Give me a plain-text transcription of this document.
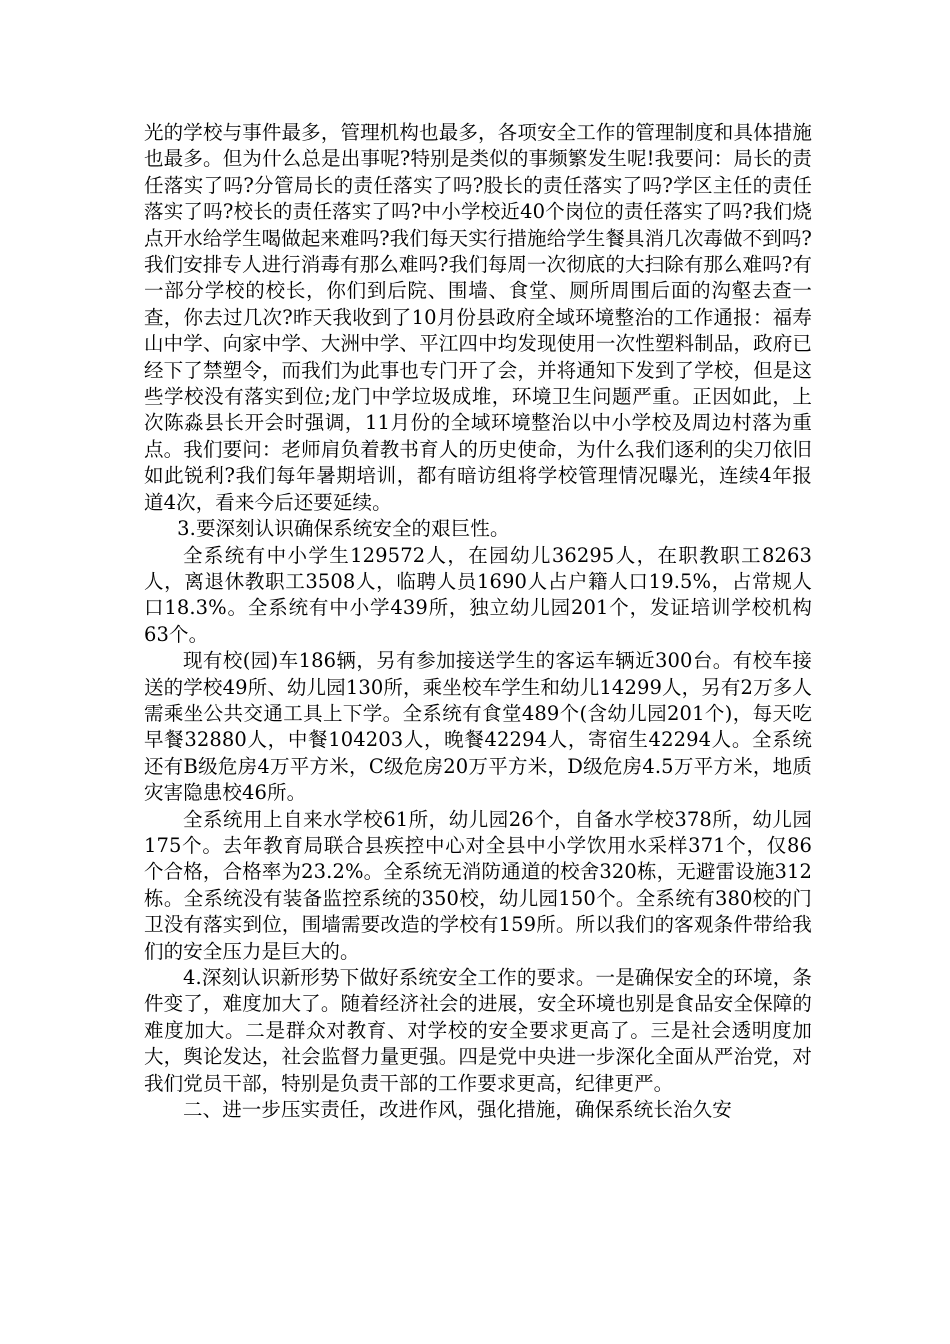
光的学校与事件最多，管理机构也最多，各项安全工作的管理制度和具体措施也最多。但为什么总是出事呢?特别是类似的事频繁发生呢!我要问：局长的责任落实了吗?分管局长的责任落实了吗?股长的责任落实了吗?学区主任的责任落实了吗?校长的责任落实了吗?中小学校近40个岗位的责任落实了吗?我们烧点开水给学生喝做起来难吗?我们每天实行措施给学生餐具消几次毒做不到吗?我们安排专人进行消毒有那么难吗?我们每周一次彻底的大扫除有那么难吗?有一部分学校的校长，你们到后院、围墙、食堂、厕所周围后面的沟壑去查一查，你去过几次?昨天我收到了10月份县政府全域环境整治的工作通报：福寿山中学、向家中学、大洲中学、平江四中均发现使用一次性塑料制品，政府已经下了禁塑令，而我们为此事也专门开了会，并将通知下发到了学校，但是这些学校没有落实到位;龙门中学垃圾成堆，环境卫生问题严重。正因如此，上次陈淼县长开会时强调，11月份的全域环境整治以中小学校及周边村落为重点。我们要问：老师肩负着教书育人的历史使命，为什么我们逐利的尖刀依旧如此锐利?我们每年暑期培训，都有暗访组将学校管理情况曝光，连续4年报道4次，看来今后还要延续。

3.要深刻认识确保系统安全的艰巨性。

全系统有中小学生129572人，在园幼儿36295人，在职教职工8263人，离退休教职工3508人，临聘人员1690人占户籍人口19.5%，占常规人口18.3%。全系统有中小学439所，独立幼儿园201个，发证培训学校机构63个。

现有校(园)车186辆，另有参加接送学生的客运车辆近300台。有校车接送的学校49所、幼儿园130所，乘坐校车学生和幼儿14299人，另有2万多人需乘坐公共交通工具上下学。全系统有食堂489个(含幼儿园201个)，每天吃早餐32880人，中餐104203人，晚餐42294人，寄宿生42294人。全系统还有B级危房4万平方米，C级危房20万平方米，D级危房4.5万平方米，地质灾害隐患校46所。

全系统用上自来水学校61所，幼儿园26个，自备水学校378所，幼儿园175个。去年教育局联合县疾控中心对全县中小学饮用水采样371个，仅86个合格，合格率为23.2%。全系统无消防通道的校舍320栋，无避雷设施312栋。全系统没有装备监控系统的350校，幼儿园150个。全系统有380校的门卫没有落实到位，围墙需要改造的学校有159所。所以我们的客观条件带给我们的安全压力是巨大的。

4.深刻认识新形势下做好系统安全工作的要求。一是确保安全的环境，条件变了，难度加大了。随着经济社会的进展，安全环境也别是食品安全保障的难度加大。二是群众对教育、对学校的安全要求更高了。三是社会透明度加大，舆论发达，社会监督力量更强。四是党中央进一步深化全面从严治党，对我们党员干部，特别是负责干部的工作要求更高，纪律更严。

二、进一步压实责任，改进作风，强化措施，确保系统长治久安
